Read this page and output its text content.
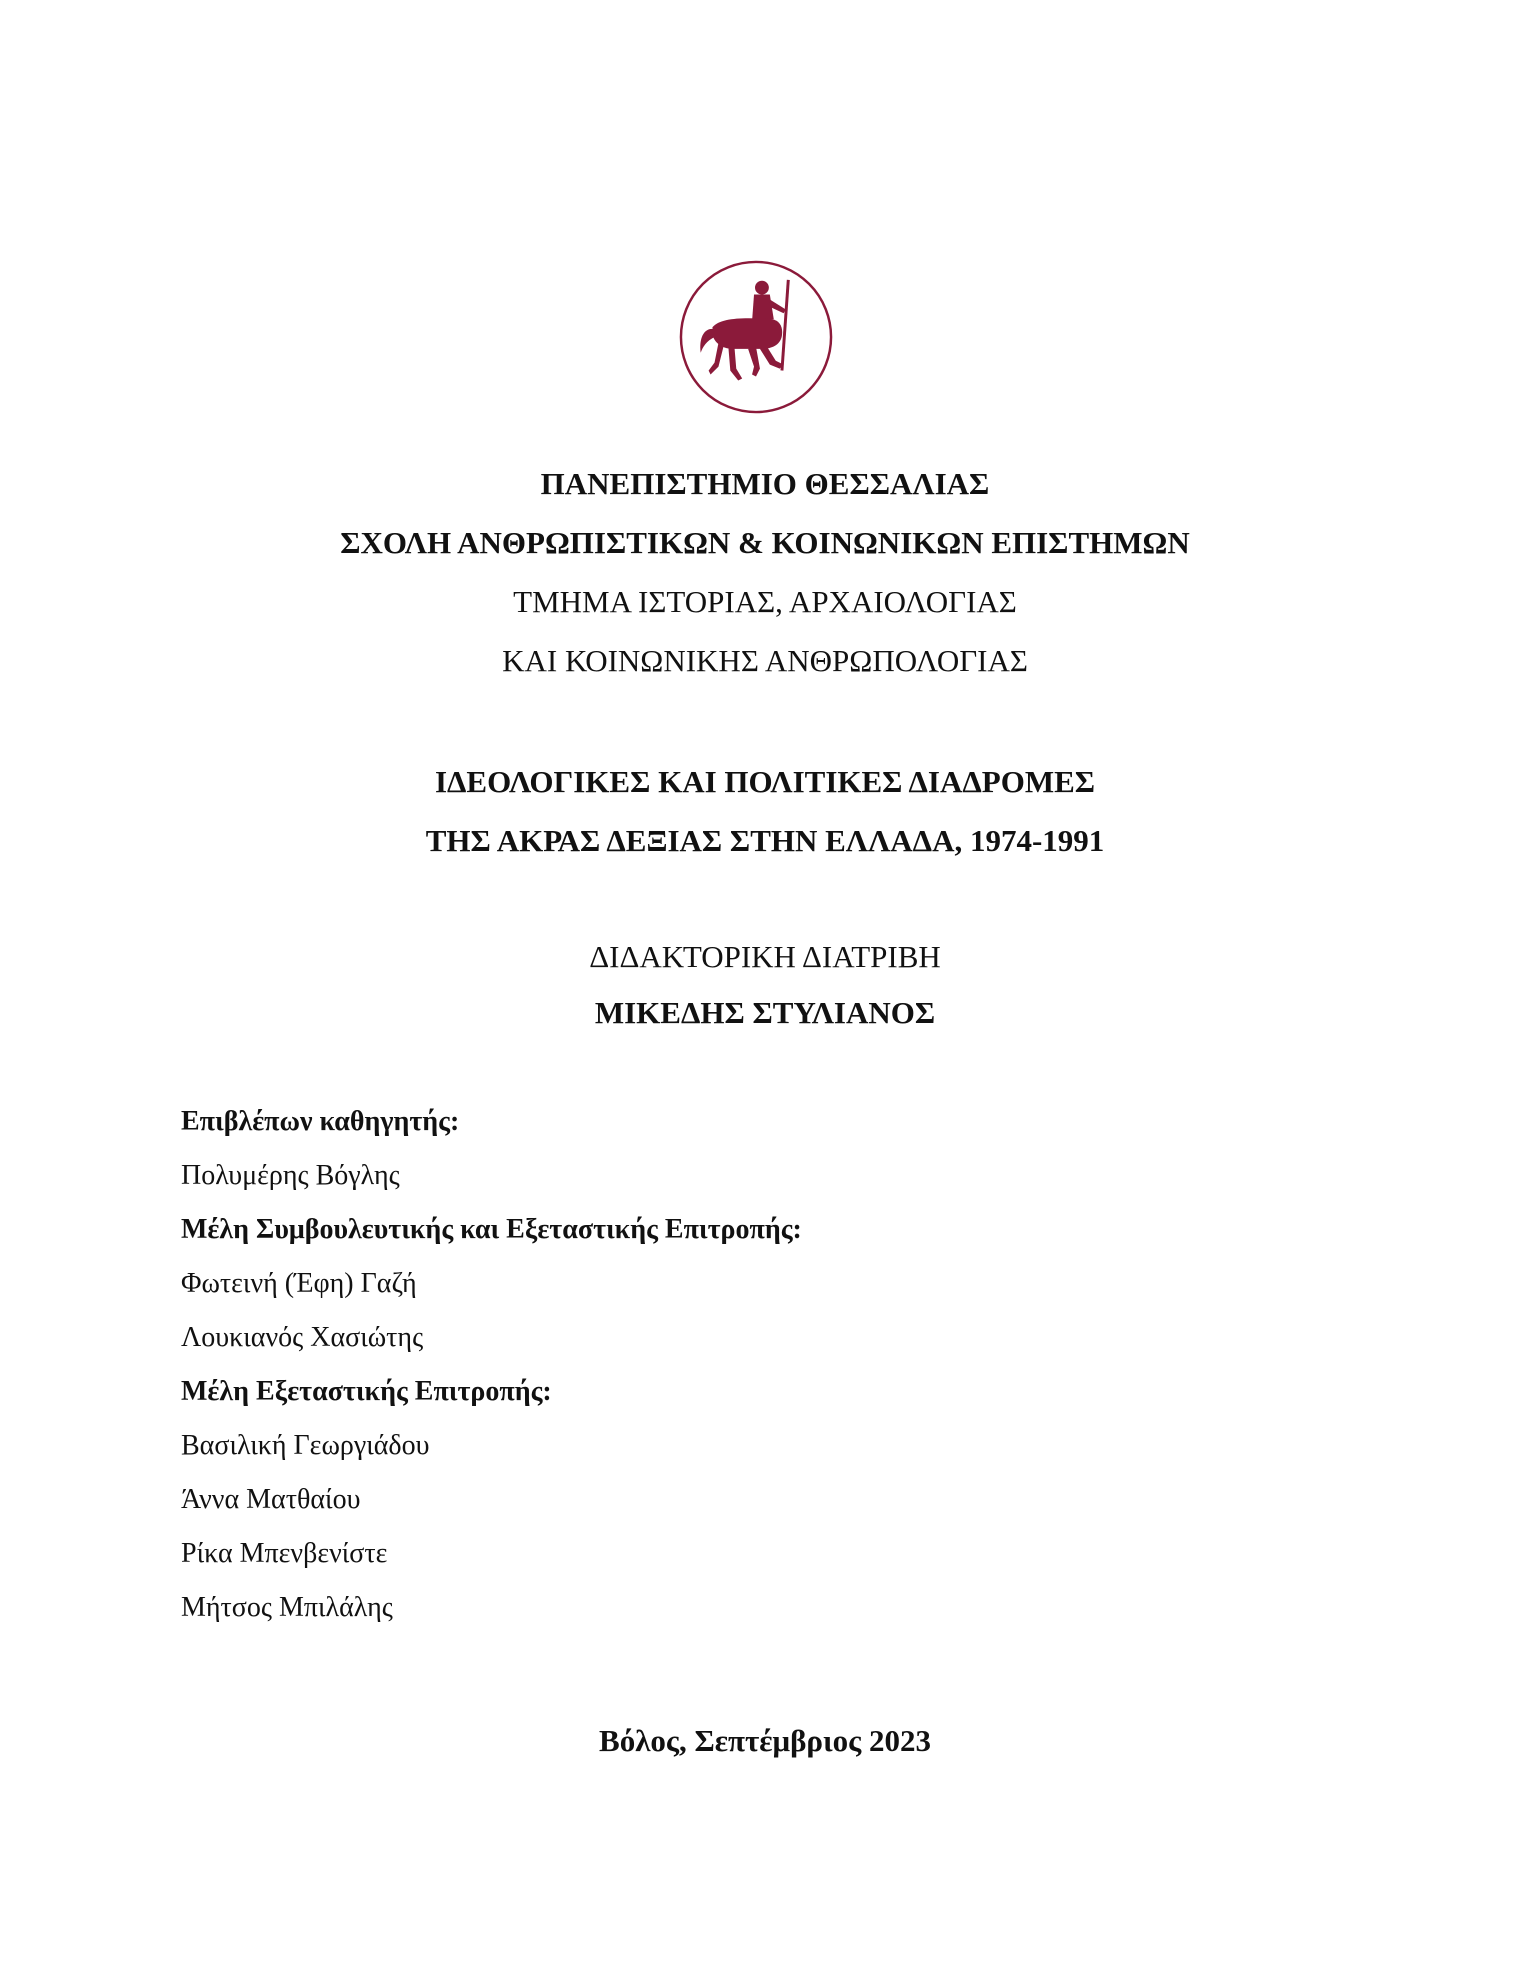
ΠΑΝΕΠΙΣΤΗΜΙΟ ΘΕΣΣΑΛΙΑΣ
ΣΧΟΛΗ ΑΝΘΡΩΠΙΣΤΙΚΩΝ & ΚΟΙΝΩΝΙΚΩΝ ΕΠΙΣΤΗΜΩΝ
ΤΜΗΜΑ ΙΣΤΟΡΙΑΣ, ΑΡΧΑΙΟΛΟΓΙΑΣ
ΚΑΙ ΚΟΙΝΩΝΙΚΗΣ ΑΝΘΡΩΠΟΛΟΓΙΑΣ
ΙΔΕΟΛΟΓΙΚΕΣ ΚΑΙ ΠΟΛΙΤΙΚΕΣ ΔΙΑΔΡΟΜΕΣ
ΤΗΣ ΑΚΡΑΣ ΔΕΞΙΑΣ ΣΤΗΝ ΕΛΛΑΔΑ, 1974-1991
ΔΙΔΑΚΤΟΡΙΚΗ ΔΙΑΤΡΙΒΗ
ΜΙΚΕΔΗΣ ΣΤΥΛΙΑΝΟΣ
Επιβλέπων καθηγητής:
Πολυμέρης Βόγλης
Μέλη Συμβουλευτικής και Εξεταστικής Επιτροπής:
Φωτεινή (Έφη) Γαζή
Λουκιανός Χασιώτης
Μέλη Εξεταστικής Επιτροπής:
Βασιλική Γεωργιάδου
Άννα Ματθαίου
Ρίκα Μπενβενίστε
Μήτσος Μπιλάλης
Βόλος, Σεπτέμβριος 2023
